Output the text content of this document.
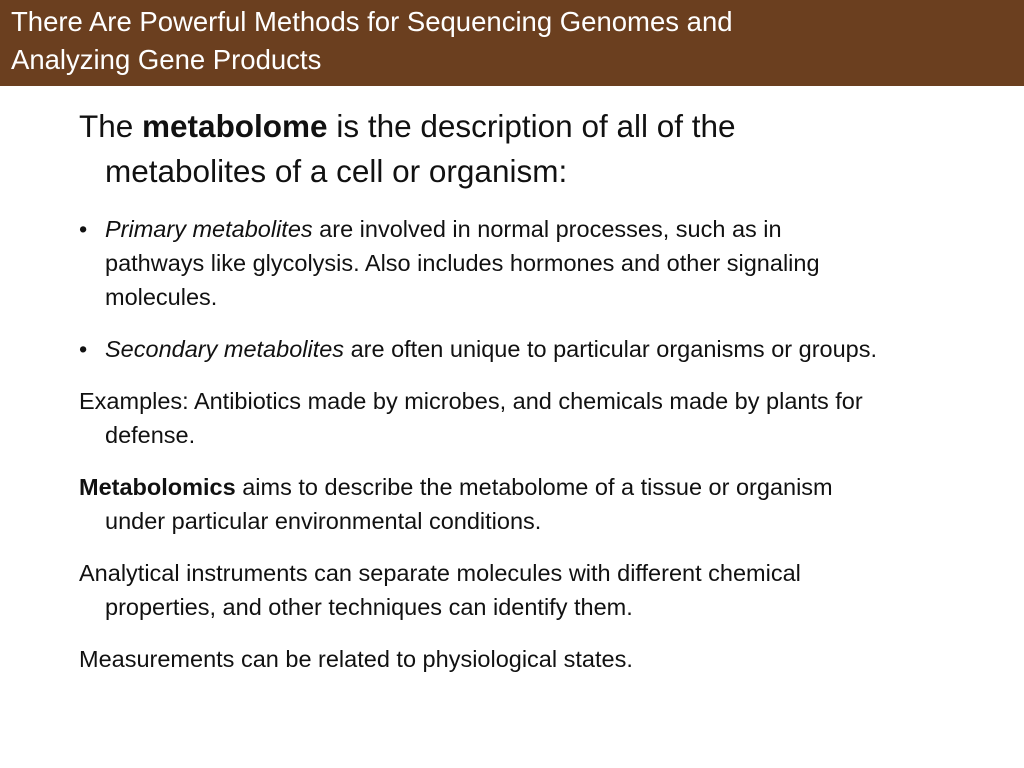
There Are Powerful Methods for Sequencing Genomes and
Analyzing Gene Products

The metabolome is the description of all of the metabolites of a cell or organism:

• Primary metabolites are involved in normal processes, such as in pathways like glycolysis. Also includes hormones and other signaling molecules.

• Secondary metabolites are often unique to particular organisms or groups.

Examples: Antibiotics made by microbes, and chemicals made by plants for defense.

Metabolomics aims to describe the metabolome of a tissue or organism under particular environmental conditions.

Analytical instruments can separate molecules with different chemical properties, and other techniques can identify them.

Measurements can be related to physiological states.
